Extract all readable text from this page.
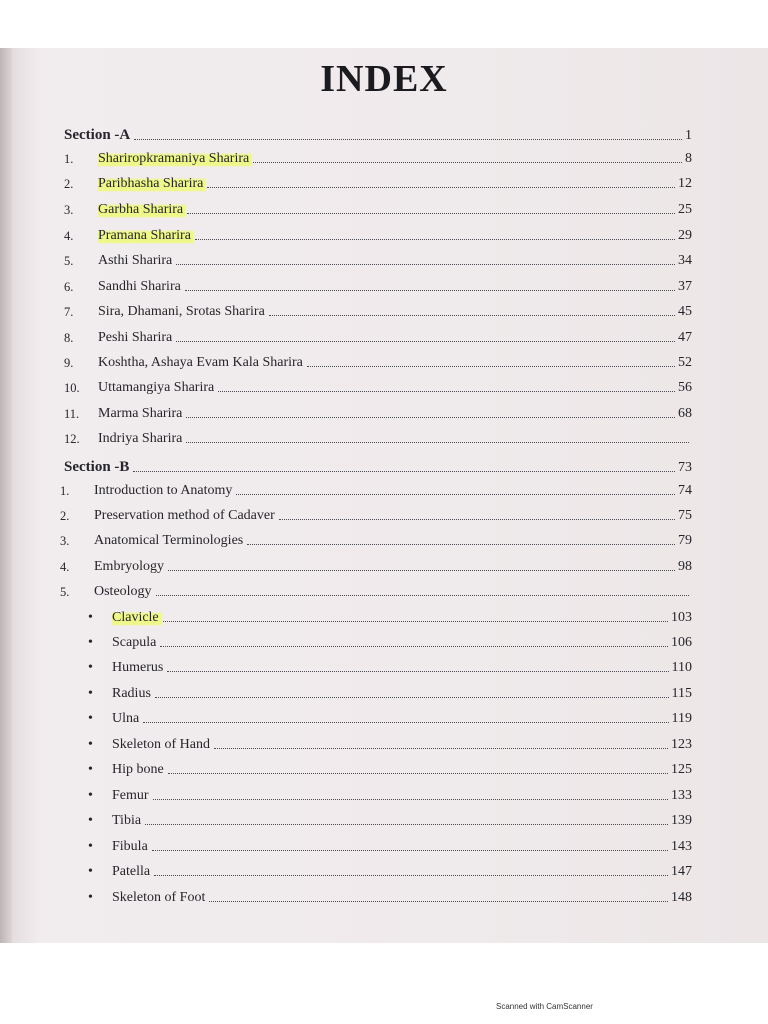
INDEX
Section -A	1
1.	Shariropkramaniya Sharira	8
2.	Paribhasha Sharira	12
3.	Garbha Sharira	25
4.	Pramana Sharira	29
5.	Asthi Sharira	34
6.	Sandhi Sharira	37
7.	Sira, Dhamani, Srotas Sharira	45
8.	Peshi Sharira	47
9.	Koshtha, Ashaya Evam Kala Sharira	52
10.	Uttamangiya Sharira	56
11.	Marma Sharira	68
12.	Indriya Sharira
Section -B	73
1.	Introduction to Anatomy	74
2.	Preservation method of Cadaver	75
3.	Anatomical Terminologies	79
4.	Embryology	98
5.	Osteology
•	Clavicle	103
•	Scapula	106
•	Humerus	110
•	Radius	115
•	Ulna	119
•	Skeleton of Hand	123
•	Hip bone	125
•	Femur	133
•	Tibia	139
•	Fibula	143
•	Patella	147
•	Skeleton of Foot	148
Scanned with CamScanner
